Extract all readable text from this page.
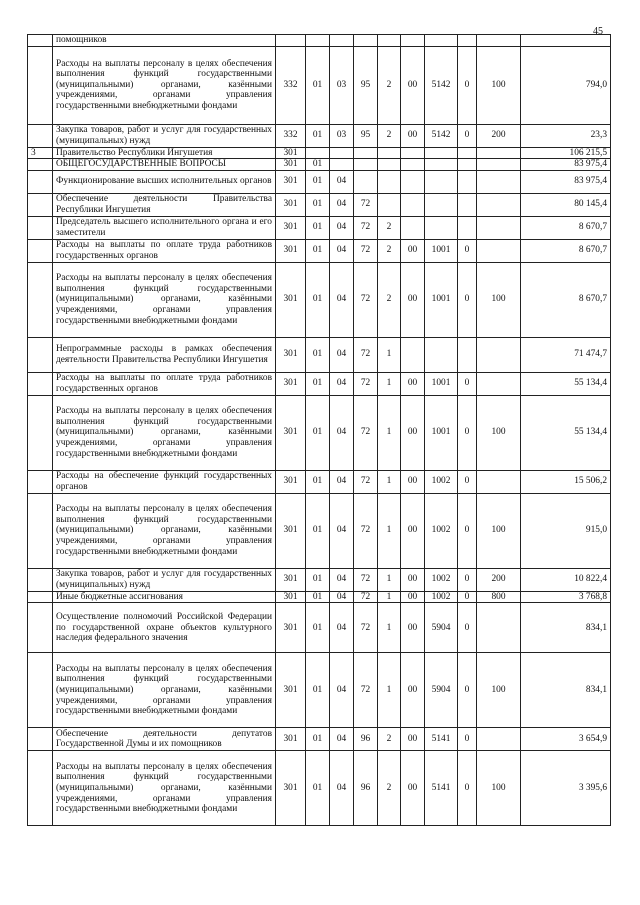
45
	помощников										
	Расходы на выплаты персоналу в целях обеспечения выполнения функций государственными (муниципальными) органами, казёнными учреждениями, органами управления государственными внебюджетными фондами	332	01	03	95	2	00	5142	0	100	794,0
	Закупка товаров, работ и услуг для государственных (муниципальных) нужд	332	01	03	95	2	00	5142	0	200	23,3
3	Правительство Республики Ингушетия	301									106 215,5
	ОБЩЕГОСУДАРСТВЕННЫЕ ВОПРОСЫ	301	01								83 975,4
	Функционирование высших исполнительных органов	301	01	04							83 975,4
	Обеспечение деятельности Правительства Республики Ингушетия	301	01	04	72						80 145,4
	Председатель высшего исполнительного органа и его заместители	301	01	04	72	2					8 670,7
	Расходы на выплаты по оплате труда работников государственных органов	301	01	04	72	2	00	1001	0		8 670,7
	Расходы на выплаты персоналу в целях обеспечения выполнения функций государственными (муниципальными) органами, казёнными учреждениями, органами управления государственными внебюджетными фондами	301	01	04	72	2	00	1001	0	100	8 670,7
	Непрограммные расходы в рамках обеспечения деятельности Правительства Республики Ингушетия	301	01	04	72	1					71 474,7
	Расходы на выплаты по оплате труда работников государственных органов	301	01	04	72	1	00	1001	0		55 134,4
	Расходы на выплаты персоналу в целях обеспечения выполнения функций государственными (муниципальными) органами, казёнными учреждениями, органами управления государственными внебюджетными фондами	301	01	04	72	1	00	1001	0	100	55 134,4
	Расходы на обеспечение функций государственных органов	301	01	04	72	1	00	1002	0		15 506,2
	Расходы на выплаты персоналу в целях обеспечения выполнения функций государственными (муниципальными) органами, казёнными учреждениями, органами управления государственными внебюджетными фондами	301	01	04	72	1	00	1002	0	100	915,0
	Закупка товаров, работ и услуг для государственных (муниципальных) нужд	301	01	04	72	1	00	1002	0	200	10 822,4
	Иные бюджетные ассигнования	301	01	04	72	1	00	1002	0	800	3 768,8
	Осуществление полномочий Российской Федерации по государственной охране объектов культурного наследия федерального значения	301	01	04	72	1	00	5904	0		834,1
	Расходы на выплаты персоналу в целях обеспечения выполнения функций государственными (муниципальными) органами, казёнными учреждениями, органами управления государственными внебюджетными фондами	301	01	04	72	1	00	5904	0	100	834,1
	Обеспечение деятельности депутатов Государственной Думы и их помощников	301	01	04	96	2	00	5141	0		3 654,9
	Расходы на выплаты персоналу в целях обеспечения выполнения функций государственными (муниципальными) органами, казёнными учреждениями, органами управления государственными внебюджетными фондами	301	01	04	96	2	00	5141	0	100	3 395,6
